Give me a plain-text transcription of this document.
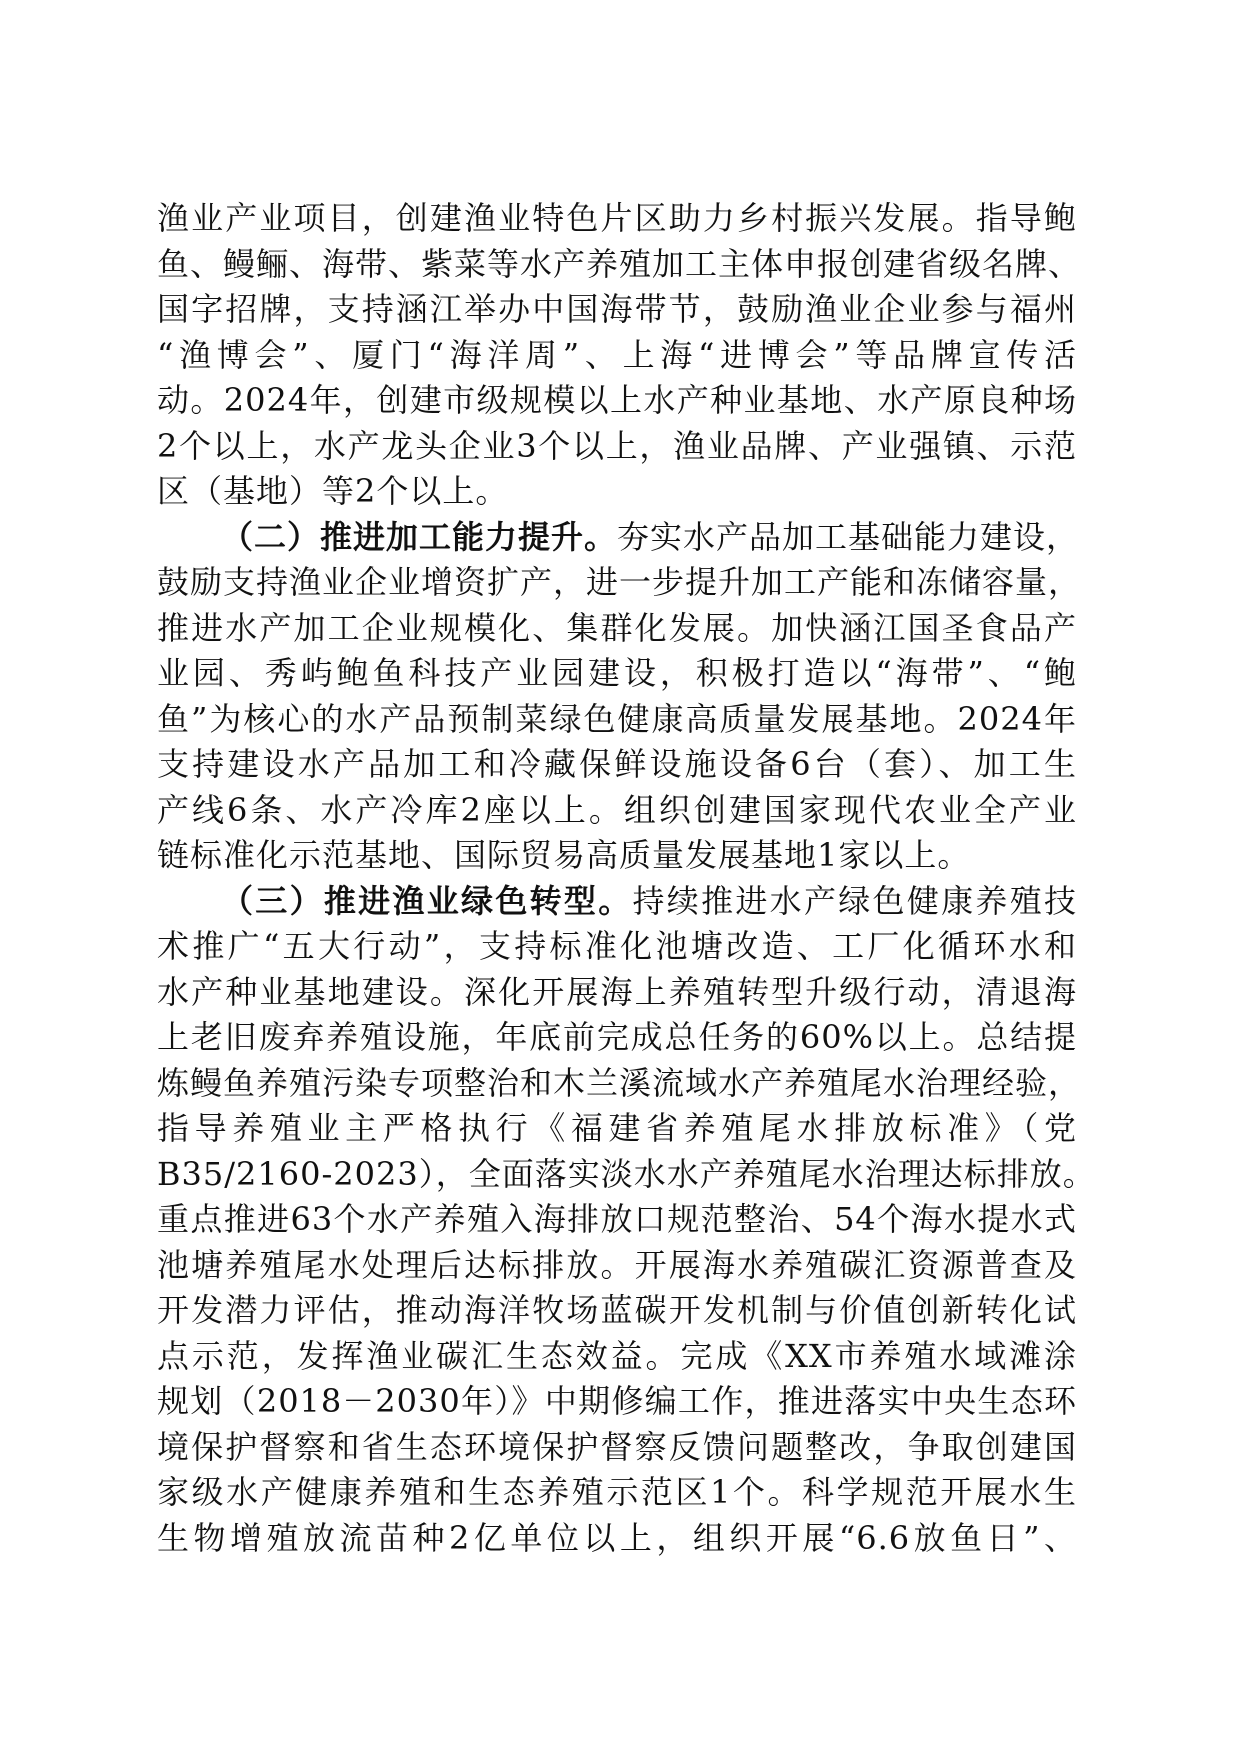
渔业产业项目，创建渔业特色片区助力乡村振兴发展。指导鲍
鱼、鳗鲡、海带、紫菜等水产养殖加工主体申报创建省级名牌、
国字招牌，支持涵江举办中国海带节，鼓励渔业企业参与福州
“渔博会”、厦门“海洋周”、上海“进博会”等品牌宣传活
动。2024年，创建市级规模以上水产种业基地、水产原良种场
2个以上，水产龙头企业3个以上，渔业品牌、产业强镇、示范
区（基地）等2个以上。
（二）推进加工能力提升。夯实水产品加工基础能力建设，
鼓励支持渔业企业增资扩产，进一步提升加工产能和冻储容量，
推进水产加工企业规模化、集群化发展。加快涵江国圣食品产
业园、秀屿鲍鱼科技产业园建设，积极打造以“海带”、“鲍
鱼”为核心的水产品预制菜绿色健康高质量发展基地。2024年
支持建设水产品加工和冷藏保鲜设施设备6台（套）、加工生
产线6条、水产冷库2座以上。组织创建国家现代农业全产业
链标准化示范基地、国际贸易高质量发展基地1家以上。
（三）推进渔业绿色转型。持续推进水产绿色健康养殖技
术推广“五大行动”，支持标准化池塘改造、工厂化循环水和
水产种业基地建设。深化开展海上养殖转型升级行动，清退海
上老旧废弃养殖设施，年底前完成总任务的60%以上。总结提
炼鳗鱼养殖污染专项整治和木兰溪流域水产养殖尾水治理经验，
指导养殖业主严格执行《福建省养殖尾水排放标准》（党
B35/2160-2023），全面落实淡水水产养殖尾水治理达标排放。
重点推进63个水产养殖入海排放口规范整治、54个海水提水式
池塘养殖尾水处理后达标排放。开展海水养殖碳汇资源普查及
开发潜力评估，推动海洋牧场蓝碳开发机制与价值创新转化试
点示范，发挥渔业碳汇生态效益。完成《XX市养殖水域滩涂
规划（2018－2030年）》中期修编工作，推进落实中央生态环
境保护督察和省生态环境保护督察反馈问题整改，争取创建国
家级水产健康养殖和生态养殖示范区1个。科学规范开展水生
生物增殖放流苗种2亿单位以上，组织开展“6.6放鱼日”、
